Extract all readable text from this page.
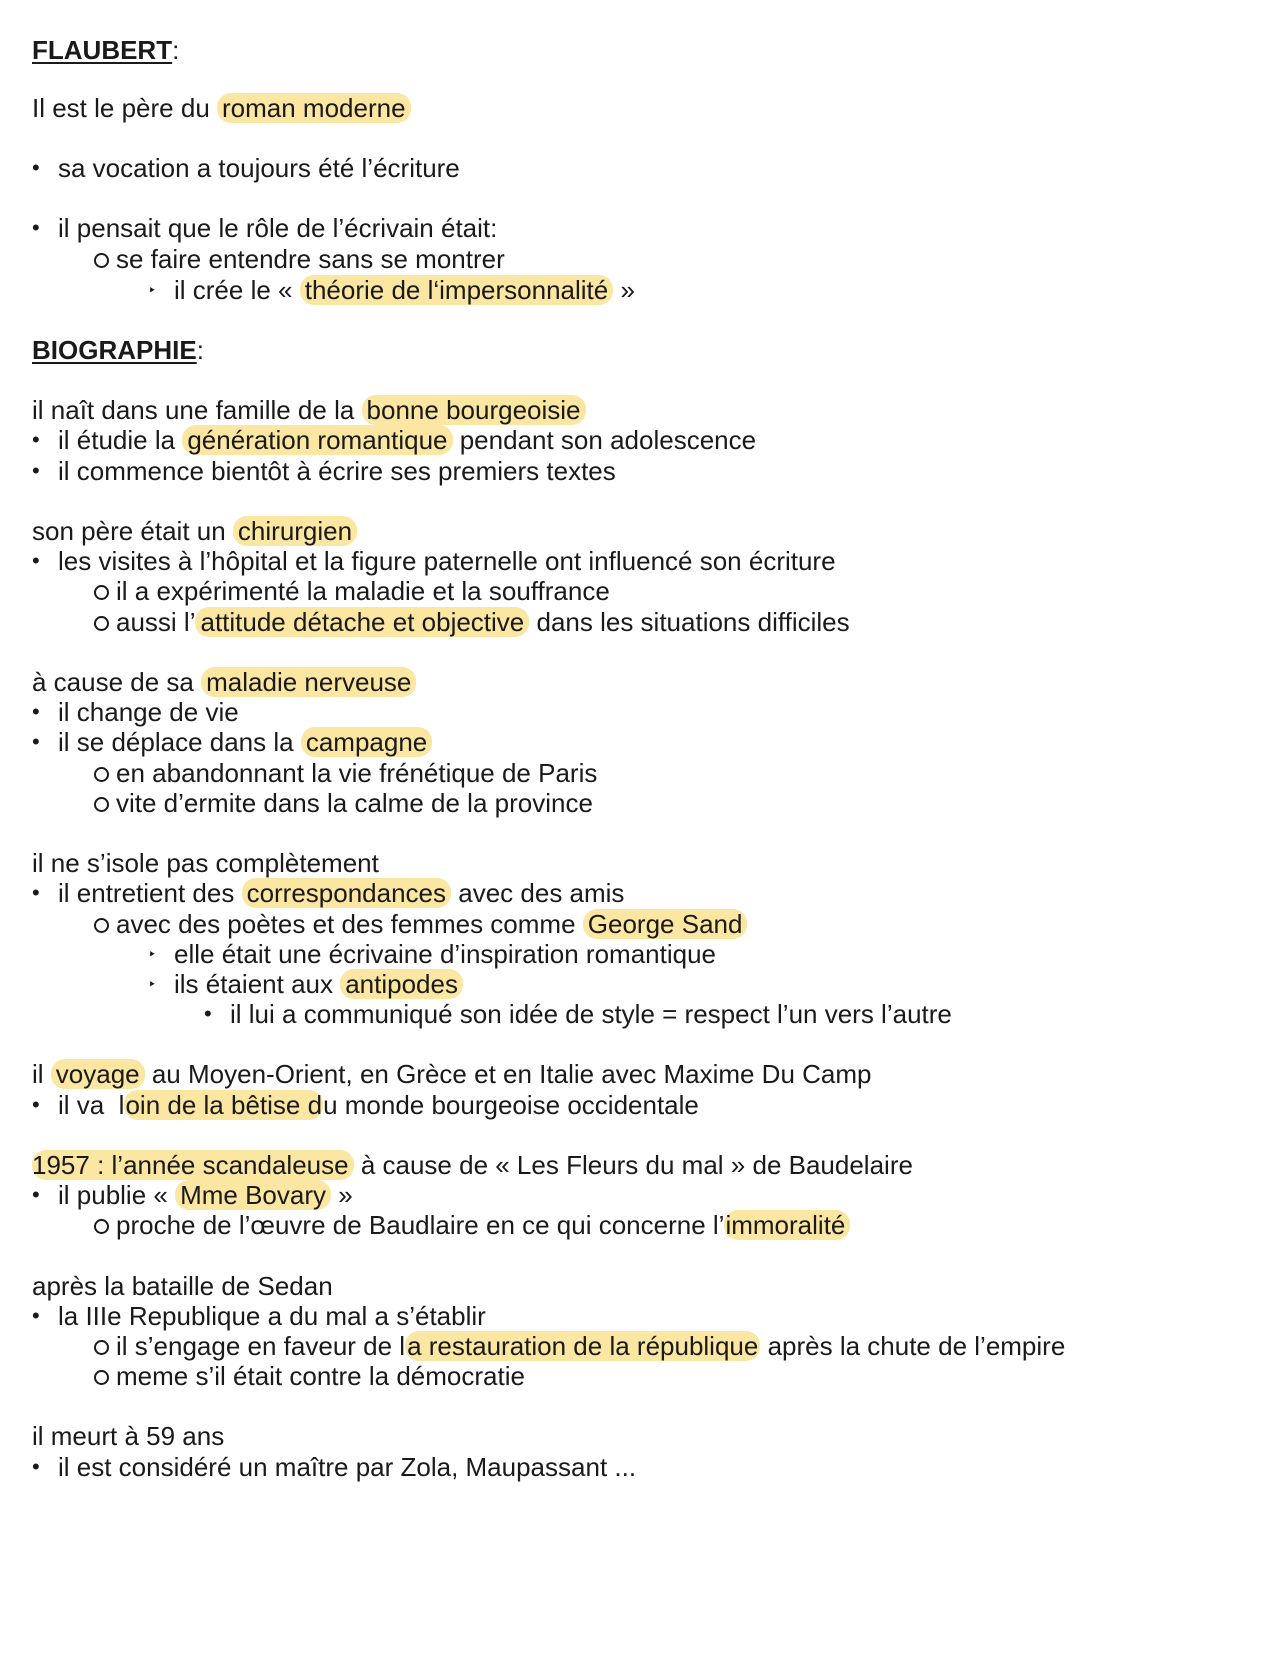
FLAUBERT:
Il est le père du roman moderne
• sa vocation a toujours été l’écriture
• il pensait que le rôle de l’écrivain était:
se faire entendre sans se montrer
‣ il crée le « théorie de l‘impersonnalité »
BIOGRAPHIE:
il naît dans une famille de la bonne bourgeoisie
• il étudie la génération romantique pendant son adolescence
• il commence bientôt à écrire ses premiers textes
son père était un chirurgien
• les visites à l’hôpital et la figure paternelle ont influencé son écriture
il a expérimenté la maladie et la souffrance
aussi l’ attitude détache et objective dans les situations difficiles
à cause de sa maladie nerveuse
• il change de vie
• il se déplace dans la campagne
en abandonnant la vie frénétique de Paris
vite d’ermite dans la calme de la province
il ne s’isole pas complètement
• il entretient des correspondances avec des amis
avec des poètes et des femmes comme George Sand
‣ elle était une écrivaine d’inspiration romantique
‣ ils étaient aux antipodes
• il lui a communiqué son idée de style = respect l’un vers l’autre
il voyage au Moyen-Orient, en Grèce et en Italie avec Maxime Du Camp
• il va  loin de la bêtise du monde bourgeoise occidentale
1957 : l’année scandaleuse à cause de « Les Fleurs du mal » de Baudelaire
• il publie « Mme Bovary »
proche de l’œuvre de Baudlaire en ce qui concerne l’immoralité
après la bataille de Sedan
• la IIIe Republique a du mal a s’établir
il s’engage en faveur de la restauration de la république après la chute de l’empire
meme s’il était contre la démocratie
il meurt à 59 ans
• il est considéré un maître par Zola, Maupassant ...
